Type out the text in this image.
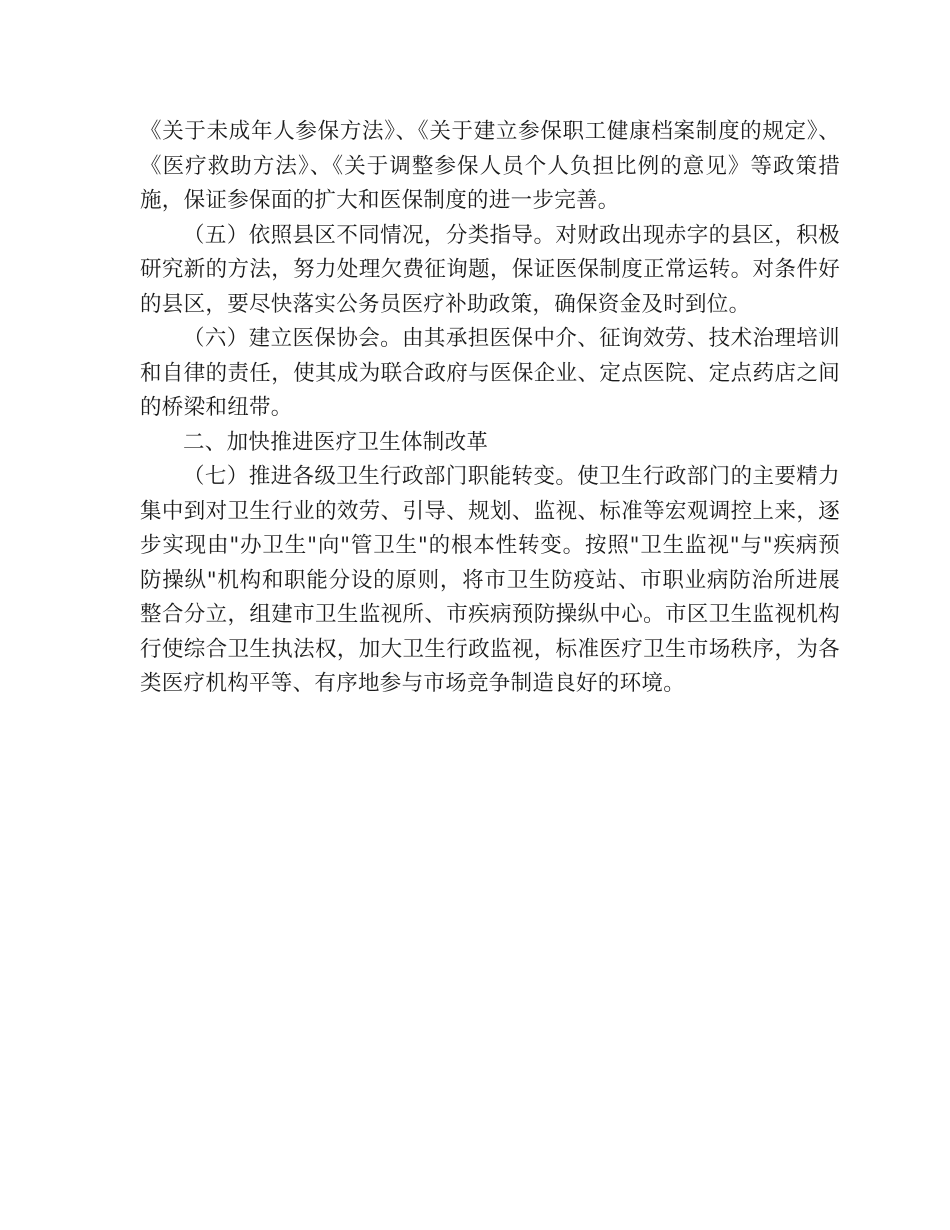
《关于未成年人参保方法》、《关于建立参保职工健康档案制度的规定》、《医疗救助方法》、《关于调整参保人员个人负担比例的意见》等政策措施，保证参保面的扩大和医保制度的进一步完善。

（五）依照县区不同情况，分类指导。对财政出现赤字的县区，积极研究新的方法，努力处理欠费征询题，保证医保制度正常运转。对条件好的县区，要尽快落实公务员医疗补助政策，确保资金及时到位。

（六）建立医保协会。由其承担医保中介、征询效劳、技术治理培训和自律的责任，使其成为联合政府与医保企业、定点医院、定点药店之间的桥梁和纽带。

二、加快推进医疗卫生体制改革

（七）推进各级卫生行政部门职能转变。使卫生行政部门的主要精力集中到对卫生行业的效劳、引导、规划、监视、标准等宏观调控上来，逐步实现由"办卫生"向"管卫生"的根本性转变。按照"卫生监视"与"疾病预防操纵"机构和职能分设的原则，将市卫生防疫站、市职业病防治所进展整合分立，组建市卫生监视所、市疾病预防操纵中心。市区卫生监视机构行使综合卫生执法权，加大卫生行政监视，标准医疗卫生市场秩序，为各类医疗机构平等、有序地参与市场竞争制造良好的环境。
